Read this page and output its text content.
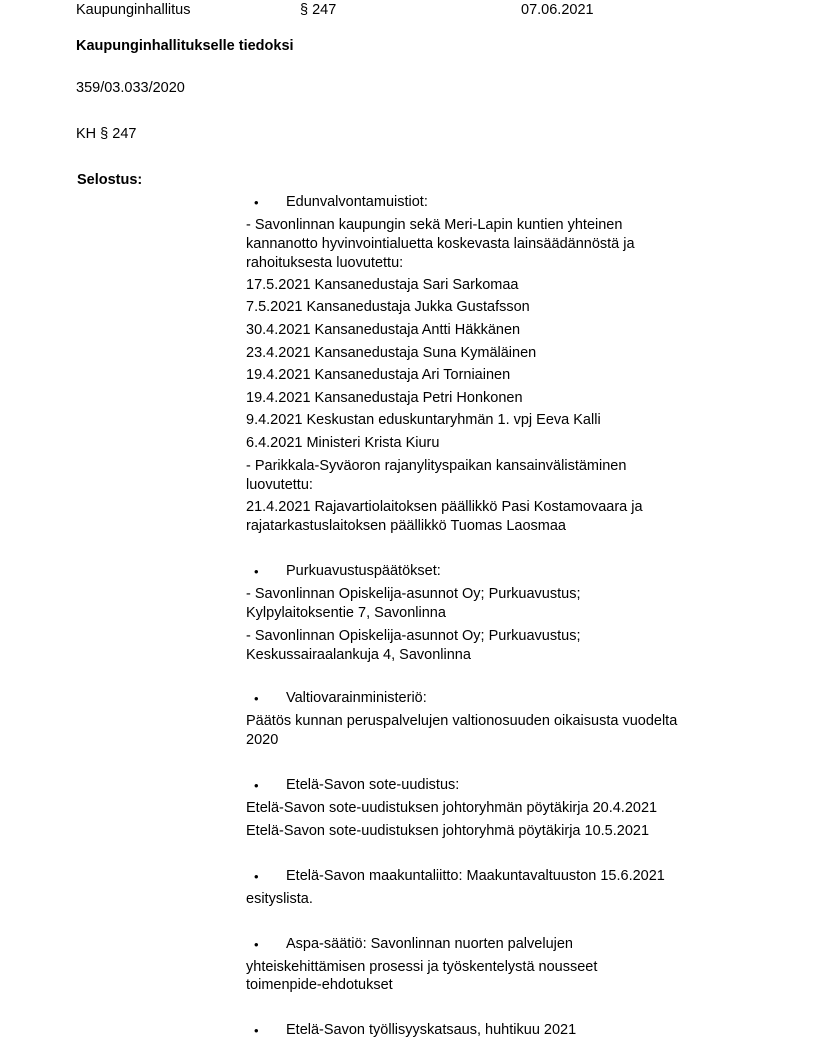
Kaupunginhallitus	§ 247	07.06.2021
Kaupunginhallitukselle tiedoksi
359/03.033/2020
KH § 247
Selostus:
• Edunvalvontamuistiot:
- Savonlinnan kaupungin sekä Meri-Lapin kuntien yhteinen
kannanotto hyvinvointialuetta koskevasta lainsäädännöstä ja
rahoituksesta luovutettu:
17.5.2021 Kansanedustaja Sari Sarkomaa
7.5.2021 Kansanedustaja Jukka Gustafsson
30.4.2021 Kansanedustaja Antti Häkkänen
23.4.2021 Kansanedustaja Suna Kymäläinen
19.4.2021 Kansanedustaja Ari Torniainen
19.4.2021 Kansanedustaja Petri Honkonen
9.4.2021 Keskustan eduskuntaryhmän 1. vpj Eeva Kalli
6.4.2021 Ministeri Krista Kiuru
- Parikkala-Syväoron rajanylityspaikan kansainvälistäminen
luovutettu:
21.4.2021 Rajavartiolaitoksen päällikkö Pasi Kostamovaara ja
rajatarkastuslaitoksen päällikkö Tuomas Laosmaa
• Purkuavustuspäätökset:
- Savonlinnan Opiskelija-asunnot Oy; Purkuavustus;
Kylpylaitoksentie 7, Savonlinna
- Savonlinnan Opiskelija-asunnot Oy; Purkuavustus;
Keskussairaalankuja 4, Savonlinna
• Valtiovarainministeriö:
Päätös kunnan peruspalvelujen valtionosuuden oikaisusta vuodelta
2020
• Etelä-Savon sote-uudistus:
Etelä-Savon sote-uudistuksen johtoryhmän pöytäkirja 20.4.2021
Etelä-Savon sote-uudistuksen johtoryhmä pöytäkirja 10.5.2021
• Etelä-Savon maakuntaliitto: Maakuntavaltuuston 15.6.2021
esityslista.
• Aspa-säätiö: Savonlinnan nuorten palvelujen
yhteiskehittämisen prosessi ja työskentelystä nousseet
toimenpide-ehdotukset
• Etelä-Savon työllisyyskatsaus, huhtikuu 2021
